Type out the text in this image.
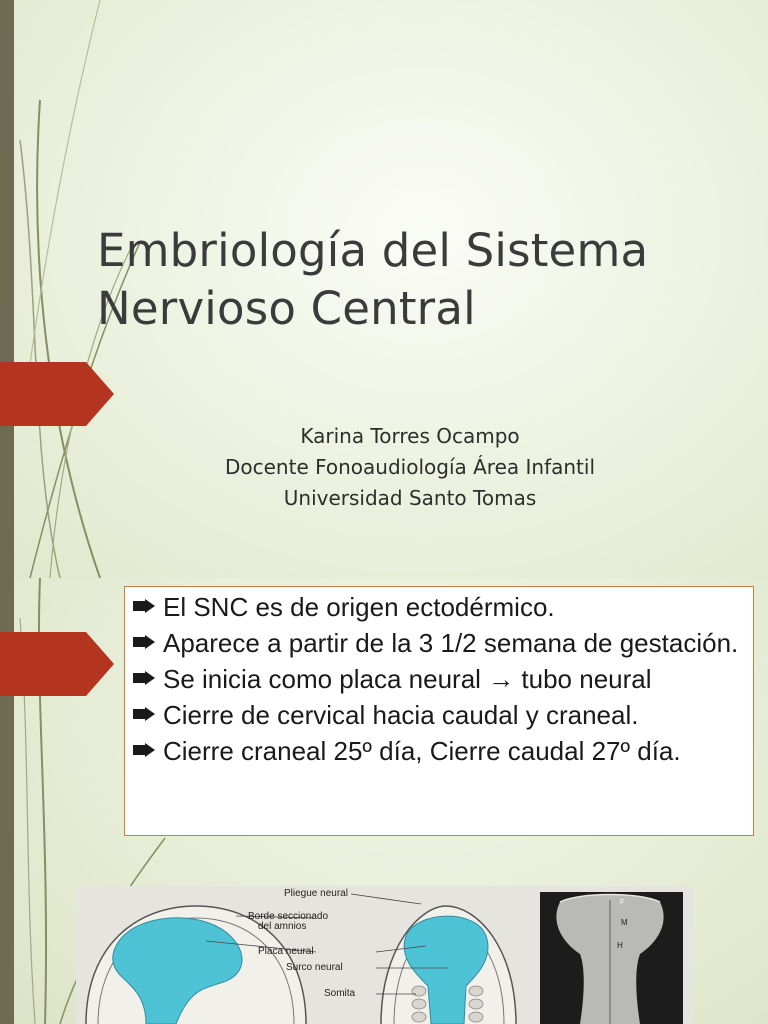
Embriología del Sistema
Nervioso Central
Karina Torres Ocampo
Docente Fonoaudiología Área Infantil
Universidad Santo Tomas
El SNC es de origen ectodérmico.
Aparece a partir de la 3 1/2 semana de gestación.
Se inicia como placa neural → tubo neural
Cierre de cervical hacia caudal y craneal.
Cierre craneal 25º día, Cierre caudal 27º día.
Pliegue neural
Borde seccionado
del amnios
Placa neural
Surco neural
Somita
F
M
H
